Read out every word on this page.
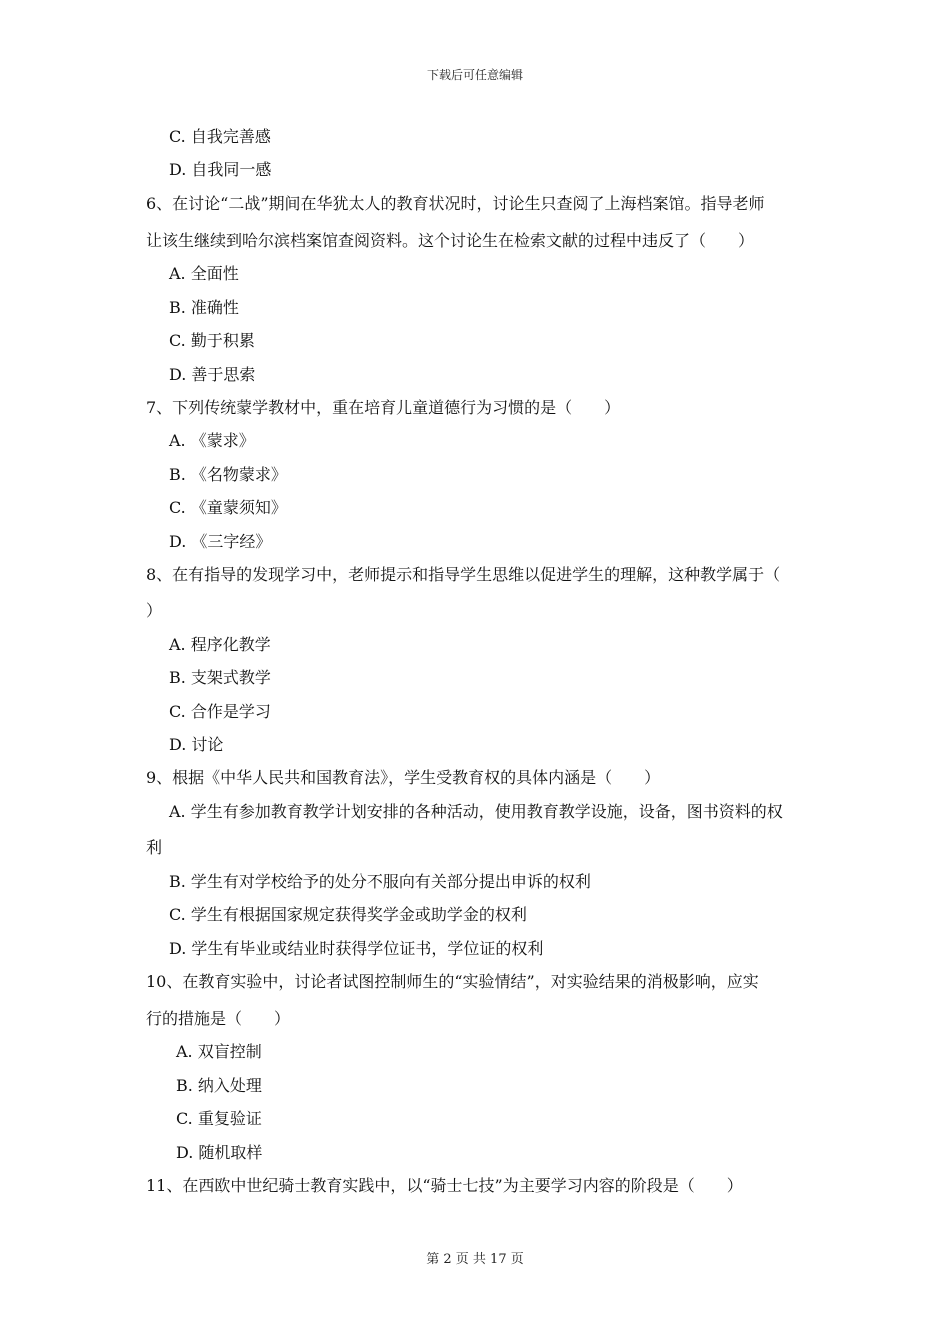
下载后可任意编辑
C. 自我完善感
D. 自我同一感
6、在讨论“二战”期间在华犹太人的教育状况时，讨论生只查阅了上海档案馆。指导老师
让该生继续到哈尔滨档案馆查阅资料。这个讨论生在检索文献的过程中违反了（　　）
A. 全面性
B. 准确性
C. 勤于积累
D. 善于思索
7、下列传统蒙学教材中，重在培育儿童道德行为习惯的是（　　）
A. 《蒙求》
B. 《名物蒙求》
C. 《童蒙须知》
D. 《三字经》
8、在有指导的发现学习中，老师提示和指导学生思维以促进学生的理解，这种教学属于（
）
A. 程序化教学
B. 支架式教学
C. 合作是学习
D. 讨论
9、根据《中华人民共和国教育法》，学生受教育权的具体内涵是（　　）
A. 学生有参加教育教学计划安排的各种活动，使用教育教学设施，设备，图书资料的权
利
B. 学生有对学校给予的处分不服向有关部分提出申诉的权利
C. 学生有根据国家规定获得奖学金或助学金的权利
D. 学生有毕业或结业时获得学位证书，学位证的权利
10、在教育实验中，讨论者试图控制师生的“实验情结”，对实验结果的消极影响，应实
行的措施是（　　）
A. 双盲控制
B. 纳入处理
C. 重复验证
D. 随机取样
11、在西欧中世纪骑士教育实践中，以“骑士七技”为主要学习内容的阶段是（　　）
第 2 页 共 17 页
